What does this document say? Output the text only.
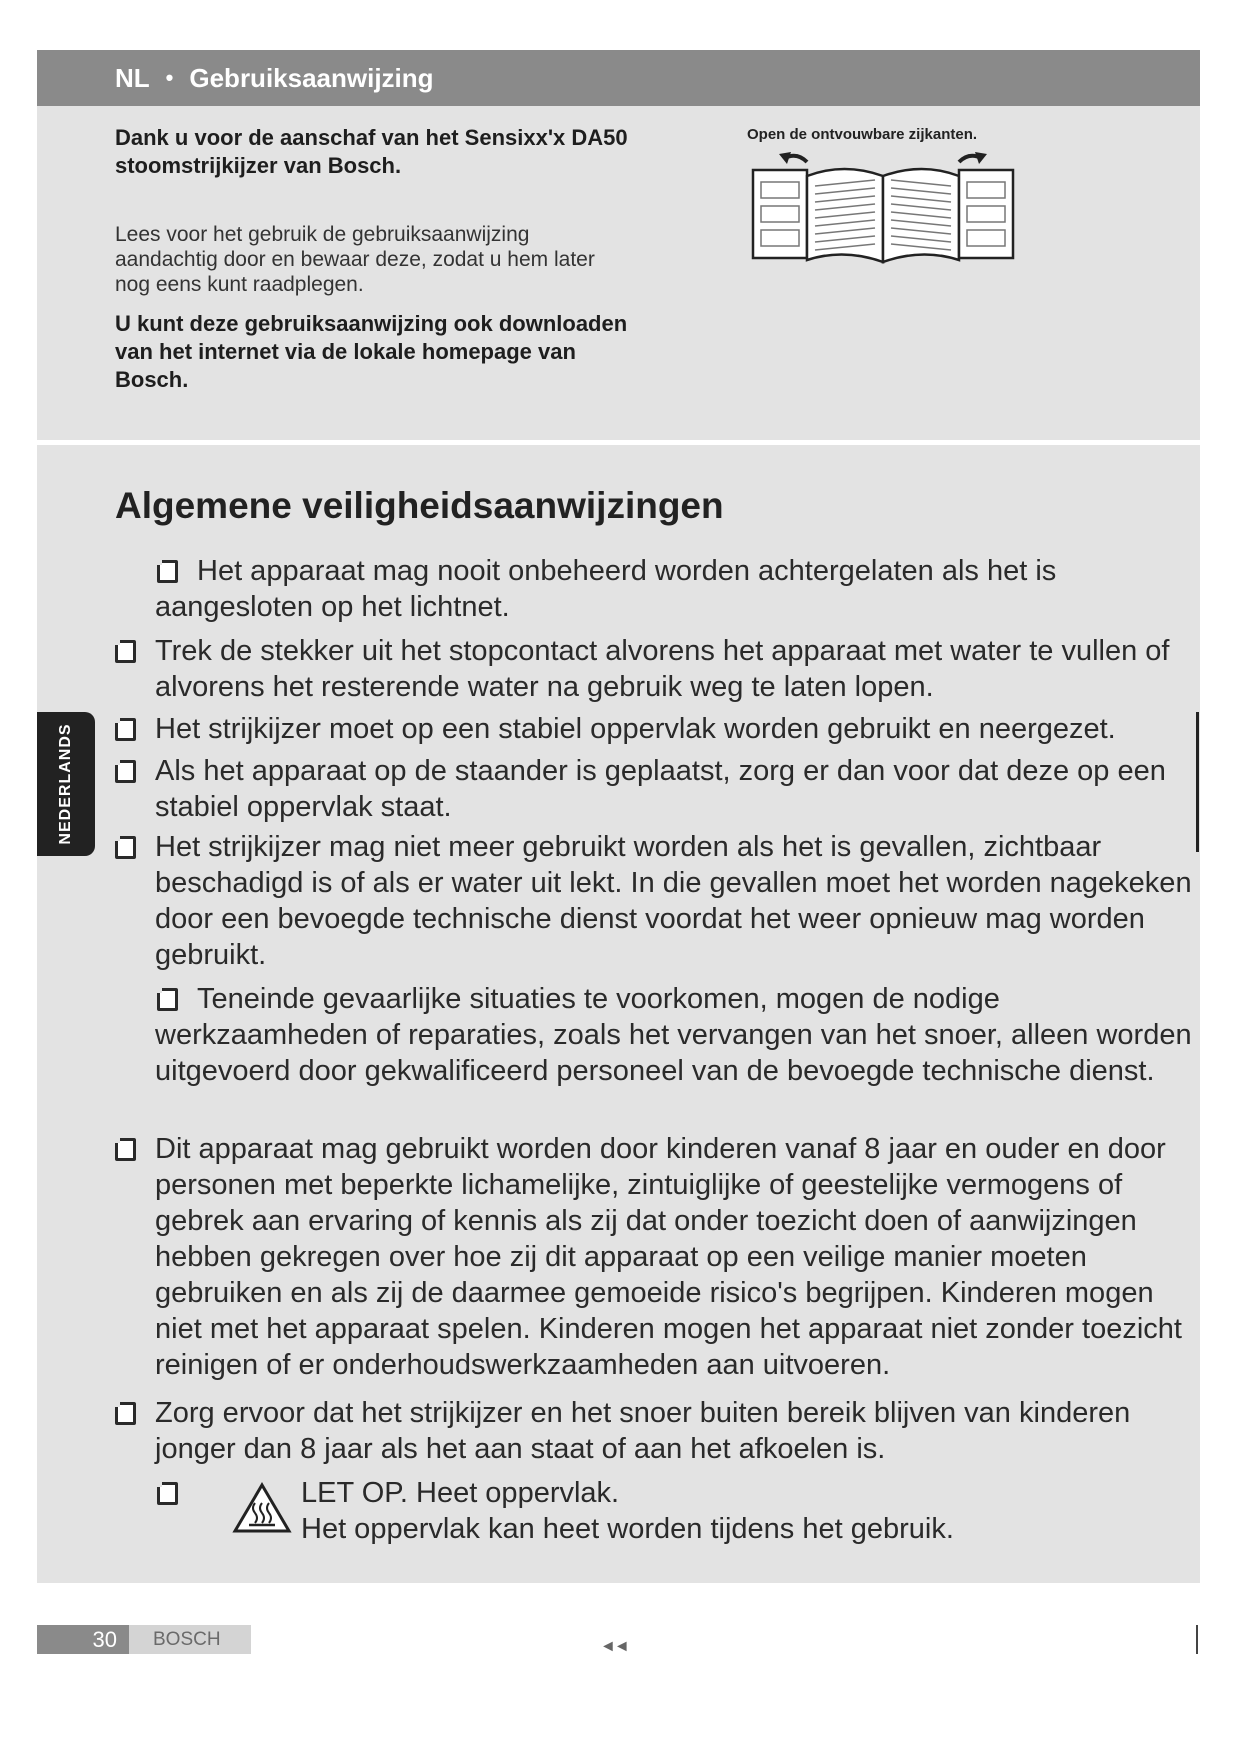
NL • Gebruiksaanwijzing
Dank u voor de aanschaf van het Sensixx'x DA50 stoomstrijkijzer van Bosch.
Lees voor het gebruik de gebruiksaanwijzing aandachtig door en bewaar deze, zodat u hem later nog eens kunt raadplegen.
U kunt deze gebruiksaanwijzing ook downloaden van het internet via de lokale homepage van Bosch.
Open de ontvouwbare zijkanten.
Algemene veiligheidsaanwijzingen
Het apparaat mag nooit onbeheerd worden achtergelaten als het is aangesloten op het lichtnet.
Trek de stekker uit het stopcontact alvorens het apparaat met water te vullen of alvorens het resterende water na gebruik weg te laten lopen.
Het strijkijzer moet op een stabiel oppervlak worden gebruikt en neergezet.
Als het apparaat op de staander is geplaatst, zorg er dan voor dat deze op een stabiel oppervlak staat.
Het strijkijzer mag niet meer gebruikt worden als het is gevallen, zichtbaar beschadigd is of als er water uit lekt. In die gevallen moet het worden nagekeken door een bevoegde technische dienst voordat het weer opnieuw mag worden gebruikt.
Teneinde gevaarlijke situaties te voorkomen, mogen de nodige werkzaamheden of reparaties, zoals het vervangen van het snoer, alleen worden uitgevoerd door gekwalificeerd personeel van de bevoegde technische dienst.
Dit apparaat mag gebruikt worden door kinderen vanaf 8 jaar en ouder en door personen met beperkte lichamelijke, zintuiglijke of geestelijke vermogens of gebrek aan ervaring of kennis als zij dat onder toezicht doen of aanwijzingen hebben gekregen over hoe zij dit apparaat op een veilige manier moeten gebruiken en als zij de daarmee gemoeide risico's begrijpen. Kinderen mogen niet met het apparaat spelen. Kinderen mogen het apparaat niet zonder toezicht reinigen of er onderhoudswerkzaamheden aan uitvoeren.
Zorg ervoor dat het strijkijzer en het snoer buiten bereik blijven van kinderen jonger dan 8 jaar als het aan staat of aan het afkoelen is.
LET OP. Heet oppervlak.
Het oppervlak kan heet worden tijdens het gebruik.
NEDERLANDS
30	BOSCH	◄◄
